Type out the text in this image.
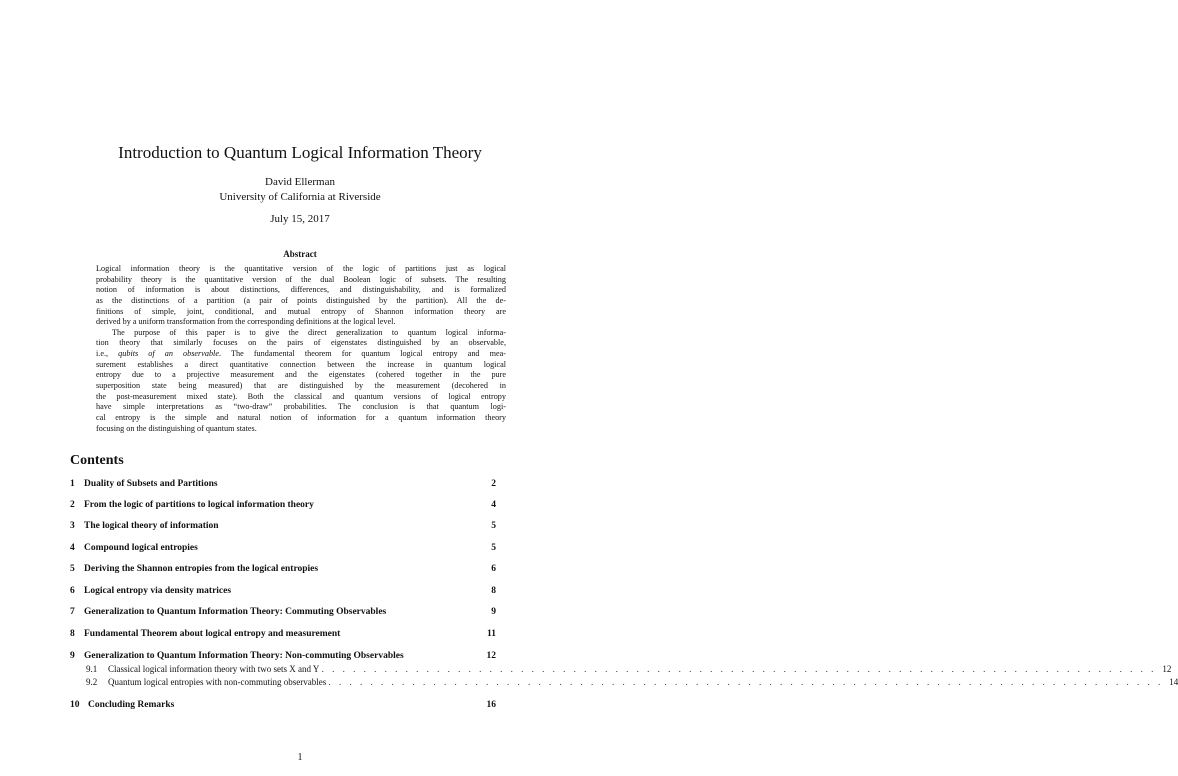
Introduction to Quantum Logical Information Theory
David Ellerman
University of California at Riverside
July 15, 2017
Abstract
Logical information theory is the quantitative version of the logic of partitions just as logical
probability theory is the quantitative version of the dual Boolean logic of subsets. The resulting
notion of information is about distinctions, differences, and distinguishability, and is formalized
as the distinctions of a partition (a pair of points distinguished by the partition). All the de-
finitions of simple, joint, conditional, and mutual entropy of Shannon information theory are
derived by a uniform transformation from the corresponding definitions at the logical level.
The purpose of this paper is to give the direct generalization to quantum logical informa-
tion theory that similarly focuses on the pairs of eigenstates distinguished by an observable,
i.e., qubits of an observable. The fundamental theorem for quantum logical entropy and mea-
surement establishes a direct quantitative connection between the increase in quantum logical
entropy due to a projective measurement and the eigenstates (cohered together in the pure
superposition state being measured) that are distinguished by the measurement (decohered in
the post-measurement mixed state). Both the classical and quantum versions of logical entropy
have simple interpretations as “two-draw” probabilities. The conclusion is that quantum logi-
cal entropy is the simple and natural notion of information for a quantum information theory
focusing on the distinguishing of quantum states.
Contents
1 Duality of Subsets and Partitions	2
2 From the logic of partitions to logical information theory	4
3 The logical theory of information	5
4 Compound logical entropies	5
5 Deriving the Shannon entropies from the logical entropies	6
6 Logical entropy via density matrices	8
7 Generalization to Quantum Information Theory: Commuting Observables	9
8 Fundamental Theorem about logical entropy and measurement	11
9 Generalization to Quantum Information Theory: Non-commuting Observables	12
9.1	Classical logical information theory with two sets X and Y . . . . . . . . . . . . . . . . . . . . . . . . . . . . . . . . . . . . . . . . . . . . . . . . . . . . . . . . . . . . . . . . . . . . . . . . . . . . . . . . 12
9.2	Quantum logical entropies with non-commuting observables . . . . . . . . . . . . . . . . . . . . . . . . . . . . . . . . . . . . . . . . . . . . . . . . . . . . . . . . . . . . . . . . . . . . . . . . . . . . . . . . 14
10 Concluding Remarks	16
1
